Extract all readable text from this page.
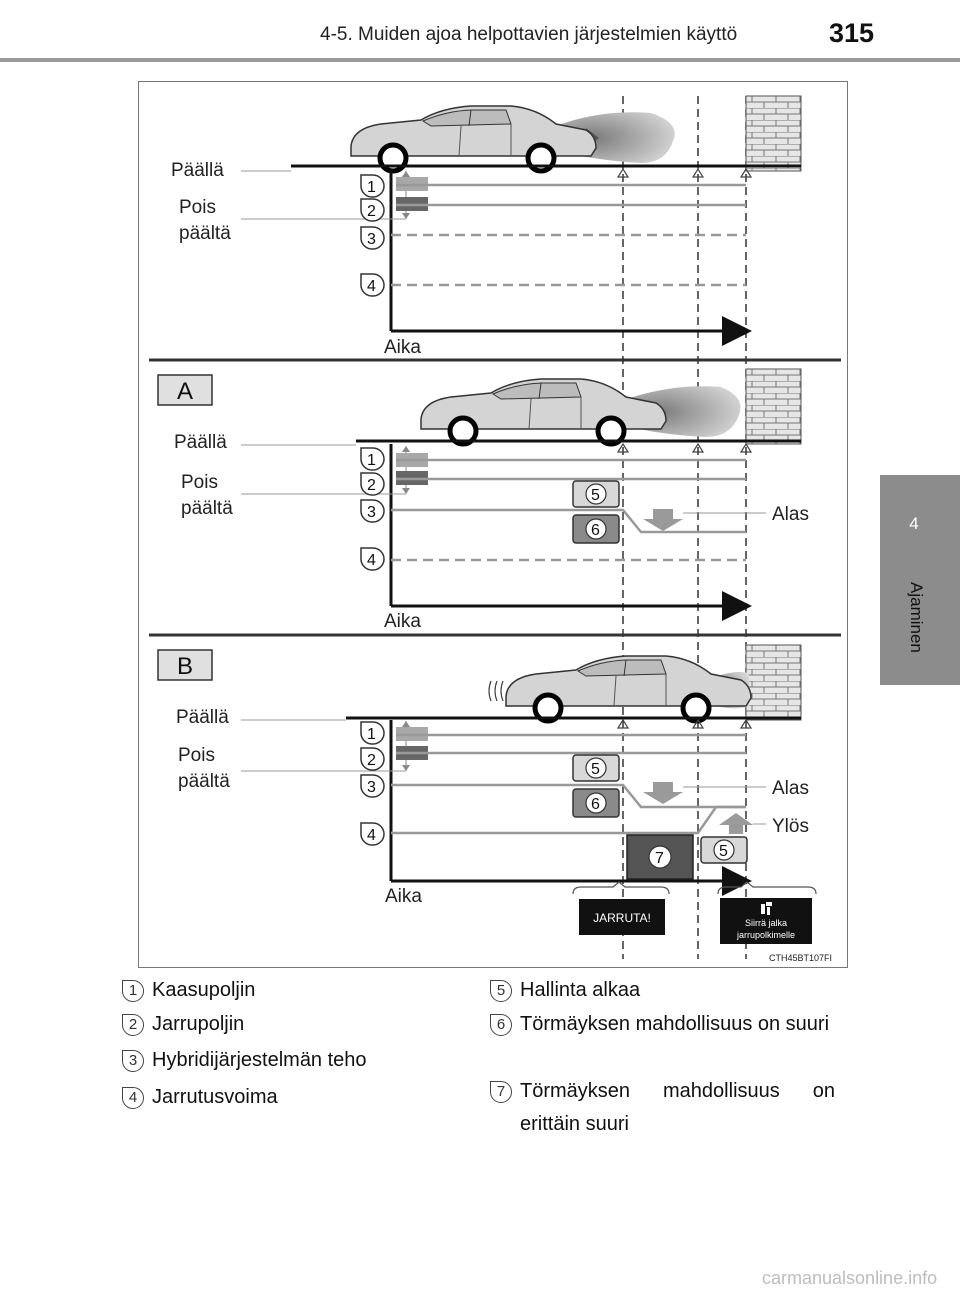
4-5. Muiden ajoa helpottavien järjestelmien käyttö	315
4
Ajaminen
Päällä
Pois
päältä
Aika
1
2
3
4
A
Alas
5
6
Päällä
Pois
päältä
Aika
1
2
3
4
B
Alas
Ylös
5
6
7	5
Päällä
Pois
päältä
Aika
1
2
3
4
JARRUTA!	Siirrä jalka
jarrupolkimelle
CTH45BT107FI
1 Kaasupoljin
2 Jarrupoljin
3 Hybridijärjestelmän teho
4 Jarrutusvoima
5 Hallinta alkaa
6 Törmäyksen mahdollisuus on suuri
7 Törmäyksen mahdollisuus on erittäin suuri
carmanualsonline.info
